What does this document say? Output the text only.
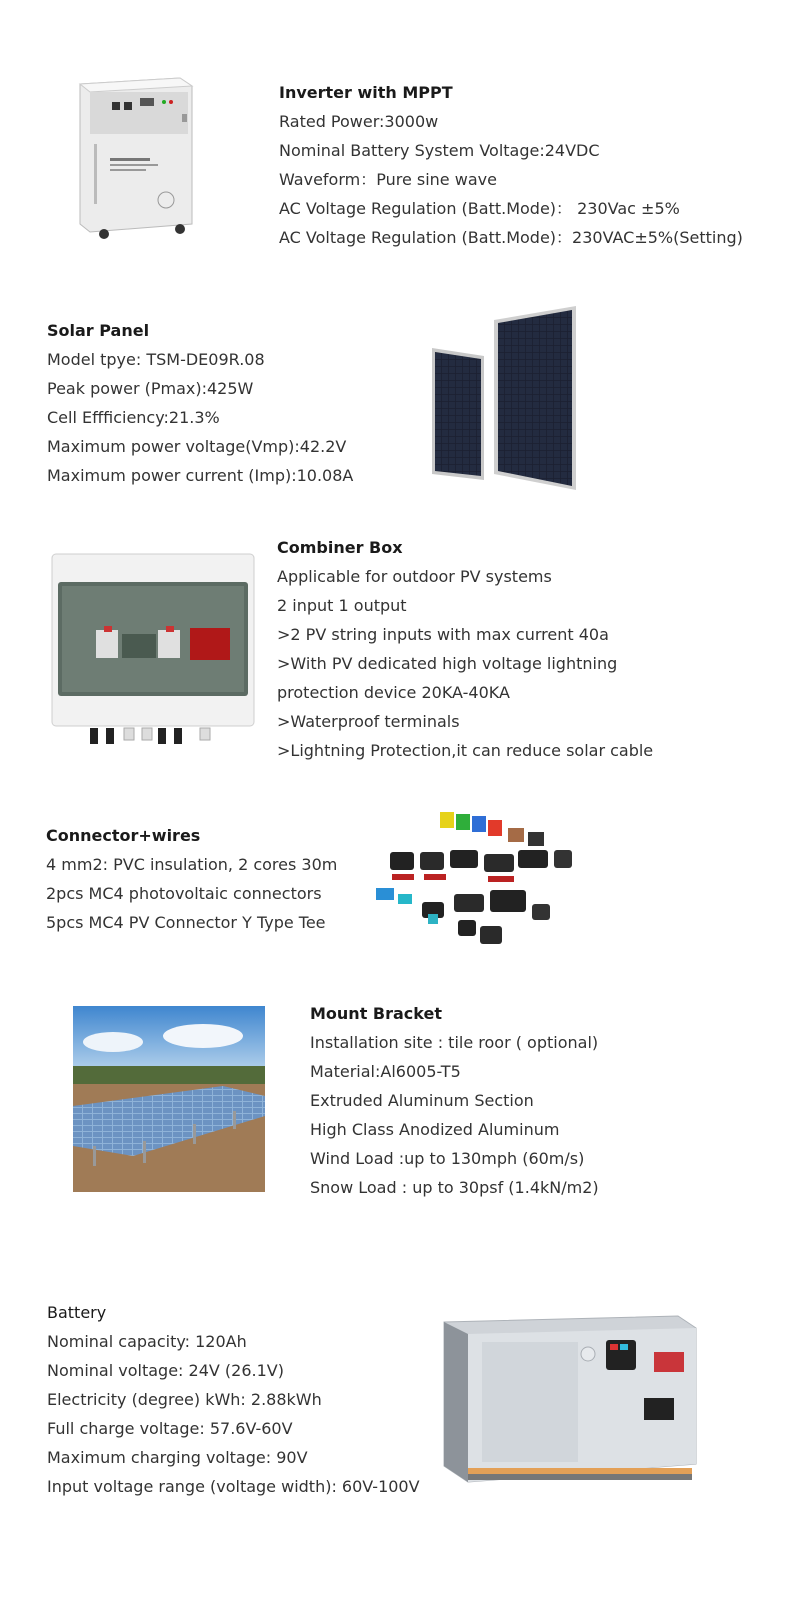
Inverter with MPPT

Rated Power:3000w

Nominal Battery System Voltage:24VDC

Waveform：Pure sine wave

AC Voltage Regulation (Batt.Mode)： 230Vac ±5%

AC Voltage Regulation (Batt.Mode)：230VAC±5%(Setting)

Solar Panel

Model tpye: TSM-DE09R.08

Peak power (Pmax):425W

Cell Effficiency:21.3%

Maximum power voltage(Vmp):42.2V

Maximum power current (Imp):10.08A

Combiner Box

Applicable for outdoor PV systems

2 input 1 output

>2 PV string inputs with max current 40a

>With PV dedicated high voltage lightning

protection device 20KA-40KA

>Waterproof terminals

>Lightning Protection,it can reduce solar cable

Connector+wires

4 mm2: PVC insulation, 2 cores 30m

2pcs MC4 photovoltaic connectors

5pcs MC4 PV Connector Y Type Tee

Mount Bracket

Installation site : tile roor ( optional)

Material:Al6005-T5

Extruded Aluminum Section

High Class Anodized Aluminum

Wind Load :up to 130mph (60m/s)

Snow Load : up to 30psf (1.4kN/m2)

Battery

Nominal capacity: 120Ah

Nominal voltage: 24V (26.1V)

Electricity (degree) kWh: 2.88kWh

Full charge voltage: 57.6V-60V

Maximum charging voltage: 90V

Input voltage range (voltage width): 60V-100V
